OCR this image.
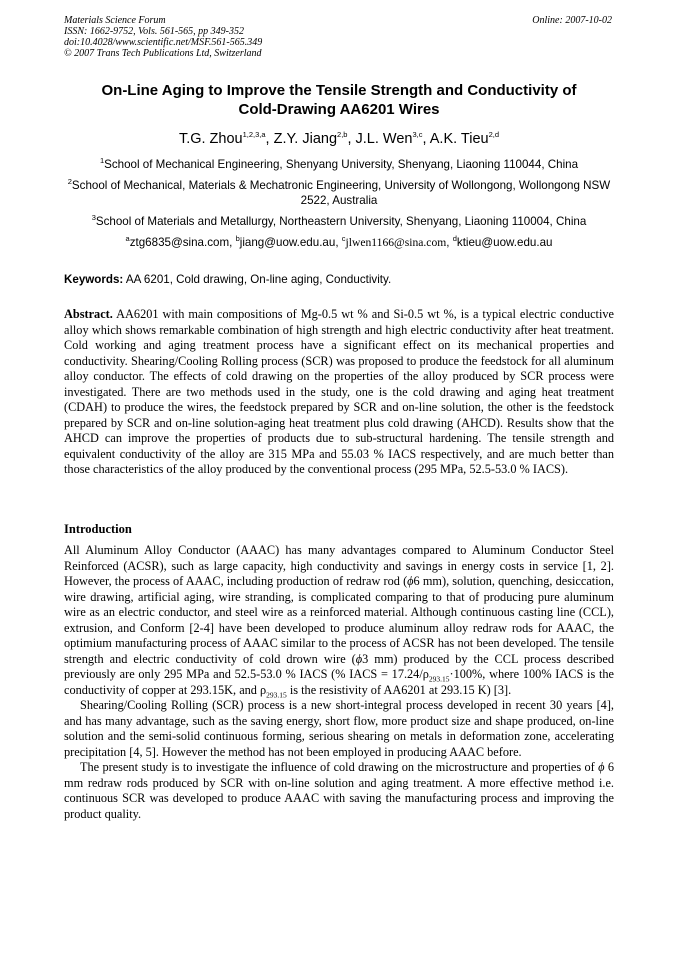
Materials Science Forum
ISSN: 1662-9752, Vols. 561-565, pp 349-352
doi:10.4028/www.scientific.net/MSF.561-565.349
© 2007 Trans Tech Publications Ltd, Switzerland
Online: 2007-10-02
On-Line Aging to Improve the Tensile Strength and Conductivity of
Cold-Drawing AA6201 Wires
T.G. Zhou$^{1,2,3,a}$, Z.Y. Jiang$^{2,b}$, J.L. Wen$^{3,c}$, A.K. Tieu$^{2,d}$
$^1$School of Mechanical Engineering, Shenyang University, Shenyang, Liaoning 110044, China
$^2$School of Mechanical, Materials & Mechatronic Engineering, University of Wollongong, Wollongong NSW 2522, Australia
$^3$School of Materials and Metallurgy, Northeastern University, Shenyang, Liaoning 110004, China
$^a$ztg6835@sina.com, $^b$jiang@uow.edu.au, $^c$jlwen1166@sina.com, $^d$ktieu@uow.edu.au
Keywords: AA 6201, Cold drawing, On-line aging, Conductivity.

Abstract. AA6201 with main compositions of Mg-0.5 wt % and Si-0.5 wt %, is a typical electric conductive alloy which shows remarkable combination of high strength and high electric conductivity after heat treatment. Cold working and aging treatment process have a significant effect on its mechanical properties and conductivity. Shearing/Cooling Rolling process (SCR) was proposed to produce the feedstock for all aluminum alloy conductor. The effects of cold drawing on the properties of the alloy produced by SCR process were investigated. There are two methods used in the study, one is the cold drawing and aging heat treatment (CDAH) to produce the wires, the feedstock prepared by SCR and on-line solution, the other is the feedstock prepared by SCR and on-line solution-aging heat treatment plus cold drawing (AHCD). Results show that the AHCD can improve the properties of products due to sub-structural hardening. The tensile strength and equivalent conductivity of the alloy are 315 MPa and 55.03 % IACS respectively, and are much better than those characteristics of the alloy produced by the conventional process (295 MPa, 52.5-53.0 % IACS).

Introduction

All Aluminum Alloy Conductor (AAAC) has many advantages compared to Aluminum Conductor Steel Reinforced (ACSR), such as large capacity, high conductivity and savings in energy costs in service [1, 2]. However, the process of AAAC, including production of redraw rod (ϕ6 mm), solution, quenching, desiccation, wire drawing, artificial aging, wire stranding, is complicated comparing to that of producing pure aluminum wire as an electric conductor, and steel wire as a reinforced material. Although continuous casting line (CCL), extrusion, and Conform [2-4] have been developed to produce aluminum alloy redraw rods for AAAC, the optimium manufacturing process of AAAC similar to the process of ACSR has not been developed. The tensile strength and electric conductivity of cold drown wire (ϕ3 mm) produced by the CCL process described previously are only 295 MPa and 52.5-53.0 % IACS (% IACS = $17.24/\rho_{293.15}\cdot 100\%$, where 100% IACS is the conductivity of copper at 293.15K, and $\rho_{293.15}$ is the resistivity of AA6201 at 293.15 K) [3].

Shearing/Cooling Rolling (SCR) process is a new short-integral process developed in recent 30 years [4], and has many advantage, such as the saving energy, short flow, more product size and shape produced, on-line solution and the semi-solid continuous forming, serious shearing on metals in deformation zone, accelerating precipitation [4, 5]. However the method has not been employed in producing AAAC before.

The present study is to investigate the influence of cold drawing on the microstructure and properties of ϕ 6 mm redraw rods produced by SCR with on-line solution and aging treatment. A more effective method i.e. continuous SCR was developed to produce AAAC with saving the manufacturing process and improving the product quality.
